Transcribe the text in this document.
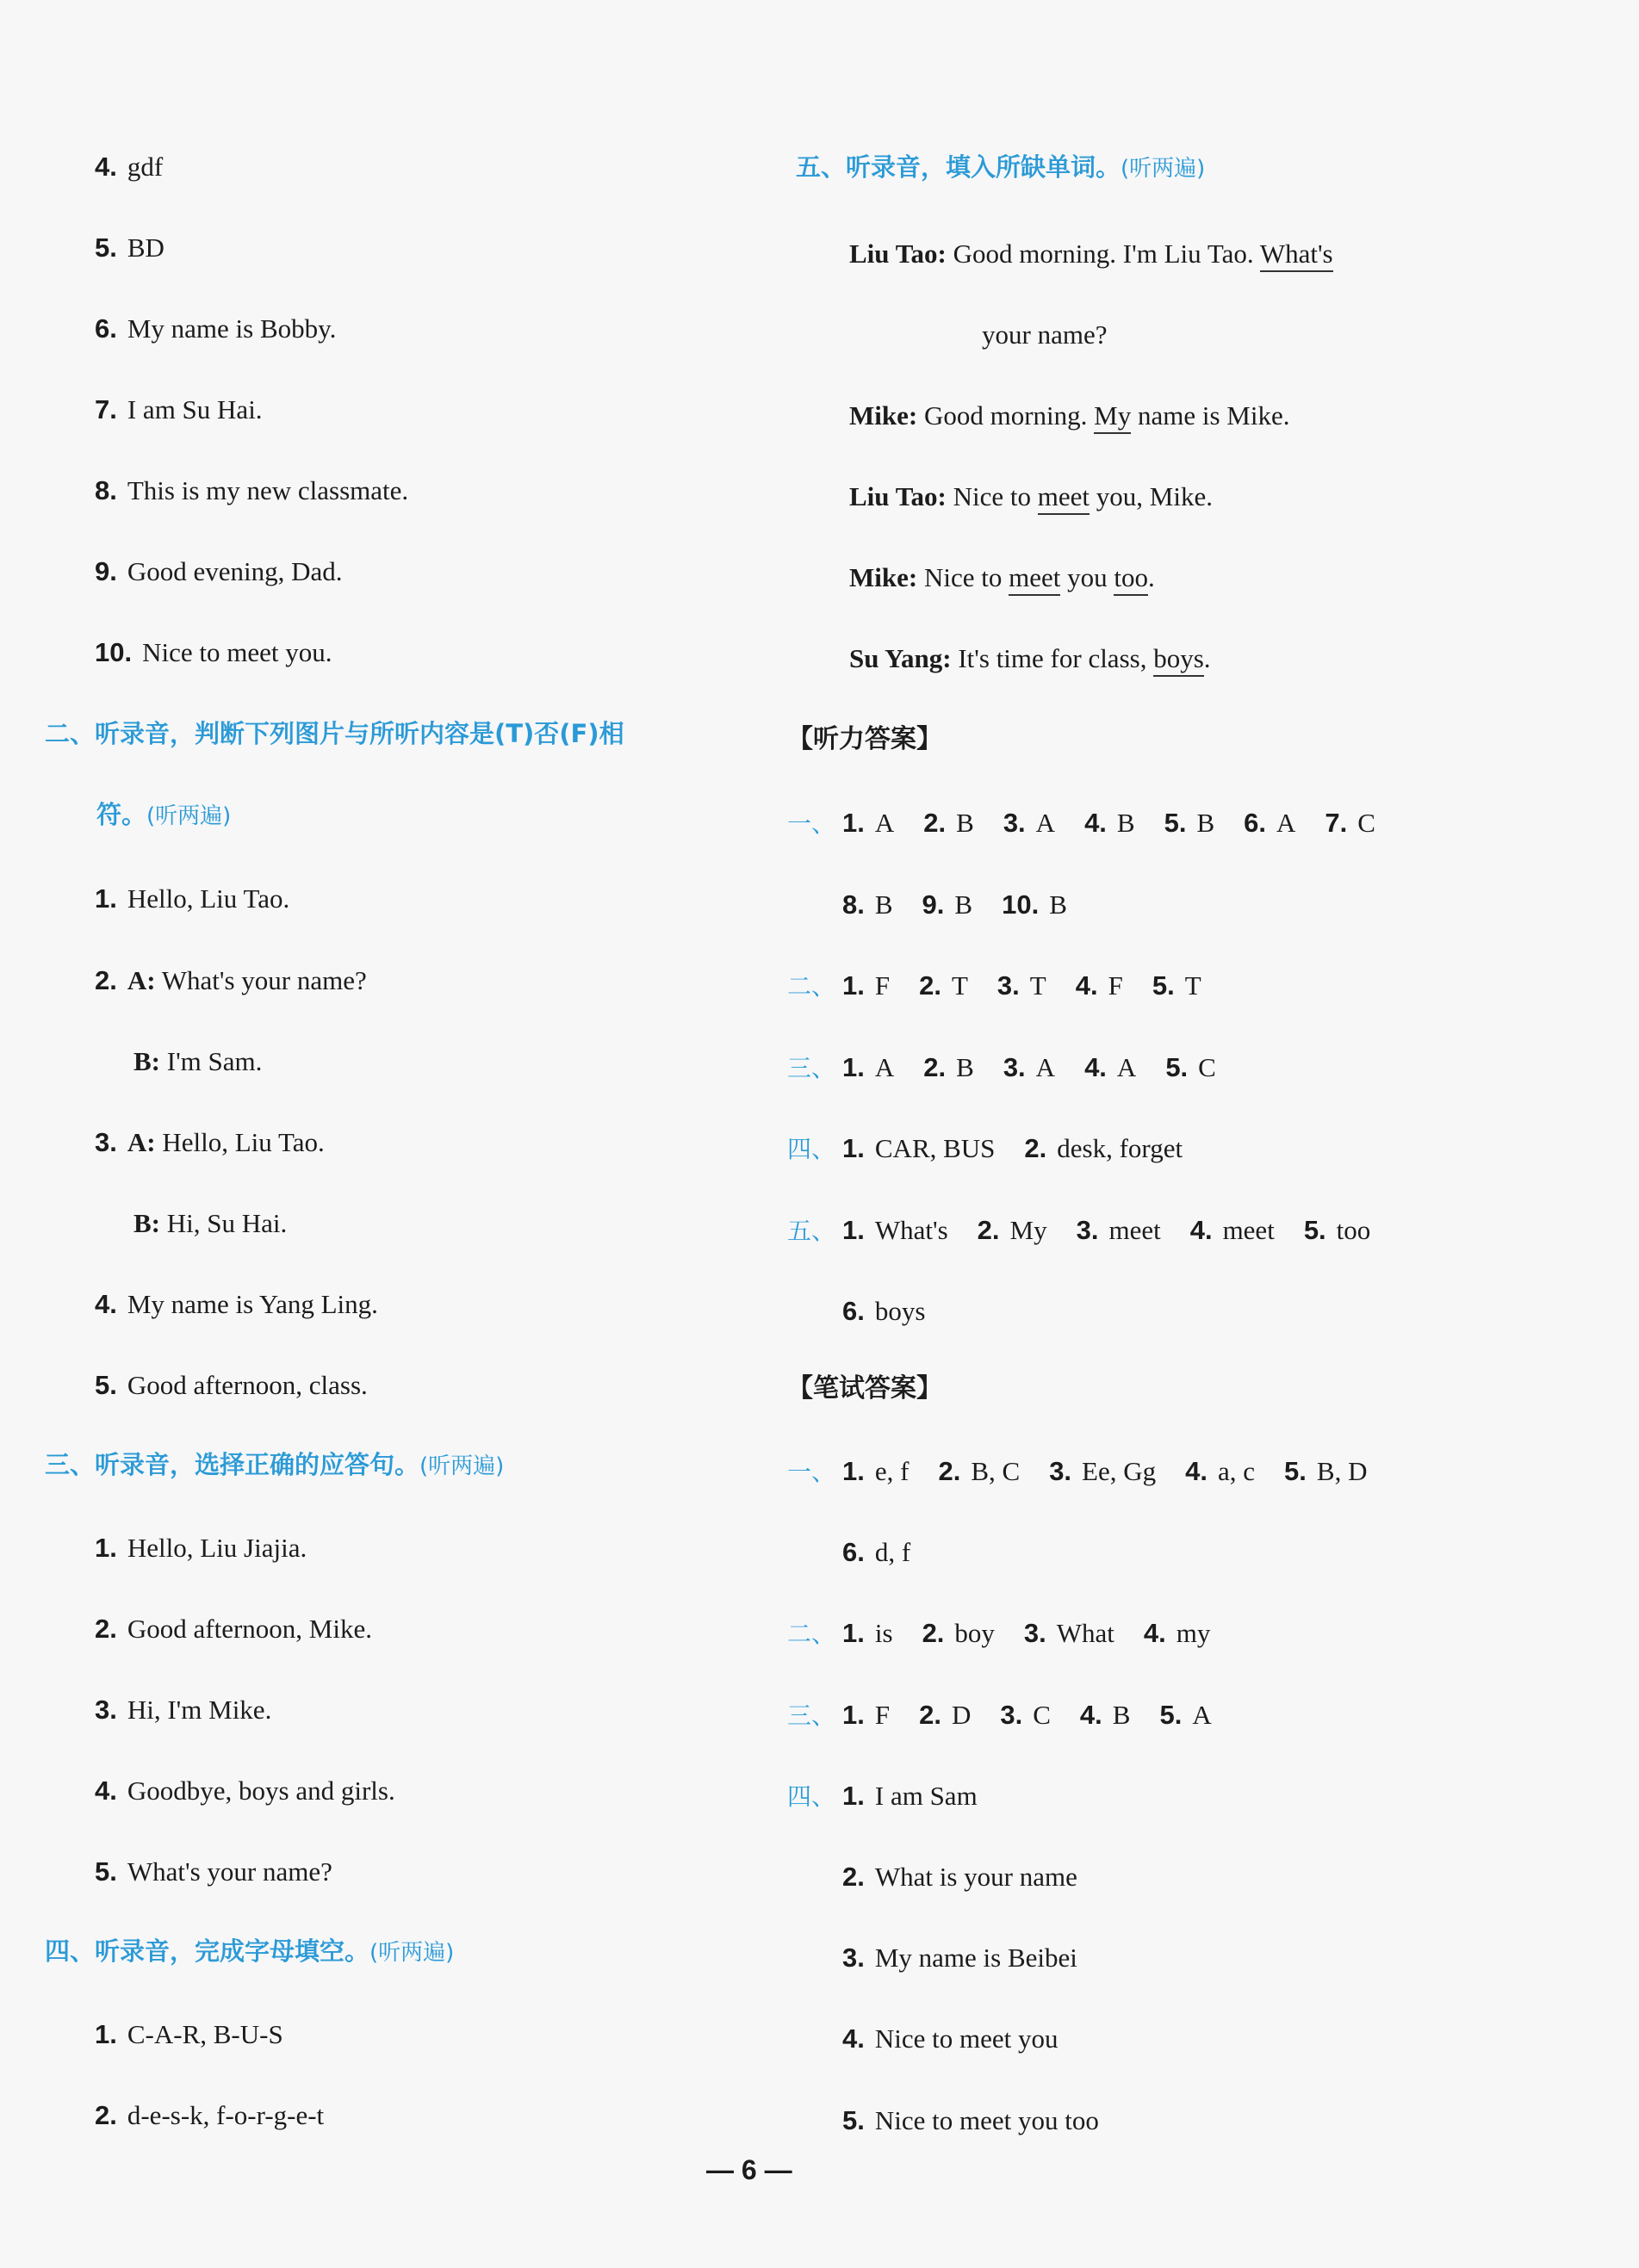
4. gdf
5. BD
6. My name is Bobby.
7. I am Su Hai.
8. This is my new classmate.
9. Good evening, Dad.
10. Nice to meet you.
二、听录音，判断下列图片与所听内容是(T)否(F)相
符。(听两遍)
1. Hello, Liu Tao.
2. A: What's your name?
B: I'm Sam.
3. A: Hello, Liu Tao.
B: Hi, Su Hai.
4. My name is Yang Ling.
5. Good afternoon, class.
三、听录音，选择正确的应答句。(听两遍)
1. Hello, Liu Jiajia.
2. Good afternoon, Mike.
3. Hi, I'm Mike.
4. Goodbye, boys and girls.
5. What's your name?
四、听录音，完成字母填空。(听两遍)
1. C-A-R, B-U-S
2. d-e-s-k, f-o-r-g-e-t
五、听录音，填入所缺单词。(听两遍)
Liu Tao: Good morning. I'm Liu Tao. What's
your name?
Mike: Good morning. My name is Mike.
Liu Tao: Nice to meet you, Mike.
Mike: Nice to meet you too.
Su Yang: It's time for class, boys.
【听力答案】
一、 1. A 2. B 3. A 4. B 5. B 6. A 7. C
8. B 9. B 10. B
二、 1. F 2. T 3. T 4. F 5. T
三、 1. A 2. B 3. A 4. A 5. C
四、 1. CAR, BUS 2. desk, forget
五、 1. What's 2. My 3. meet 4. meet 5. too
6. boys
【笔试答案】
一、 1. e, f 2. B, C 3. Ee, Gg 4. a, c 5. B, D
6. d, f
二、 1. is 2. boy 3. What 4. my
三、 1. F 2. D 3. C 4. B 5. A
四、 1. I am Sam
2. What is your name
3. My name is Beibei
4. Nice to meet you
5. Nice to meet you too
— 6 —
